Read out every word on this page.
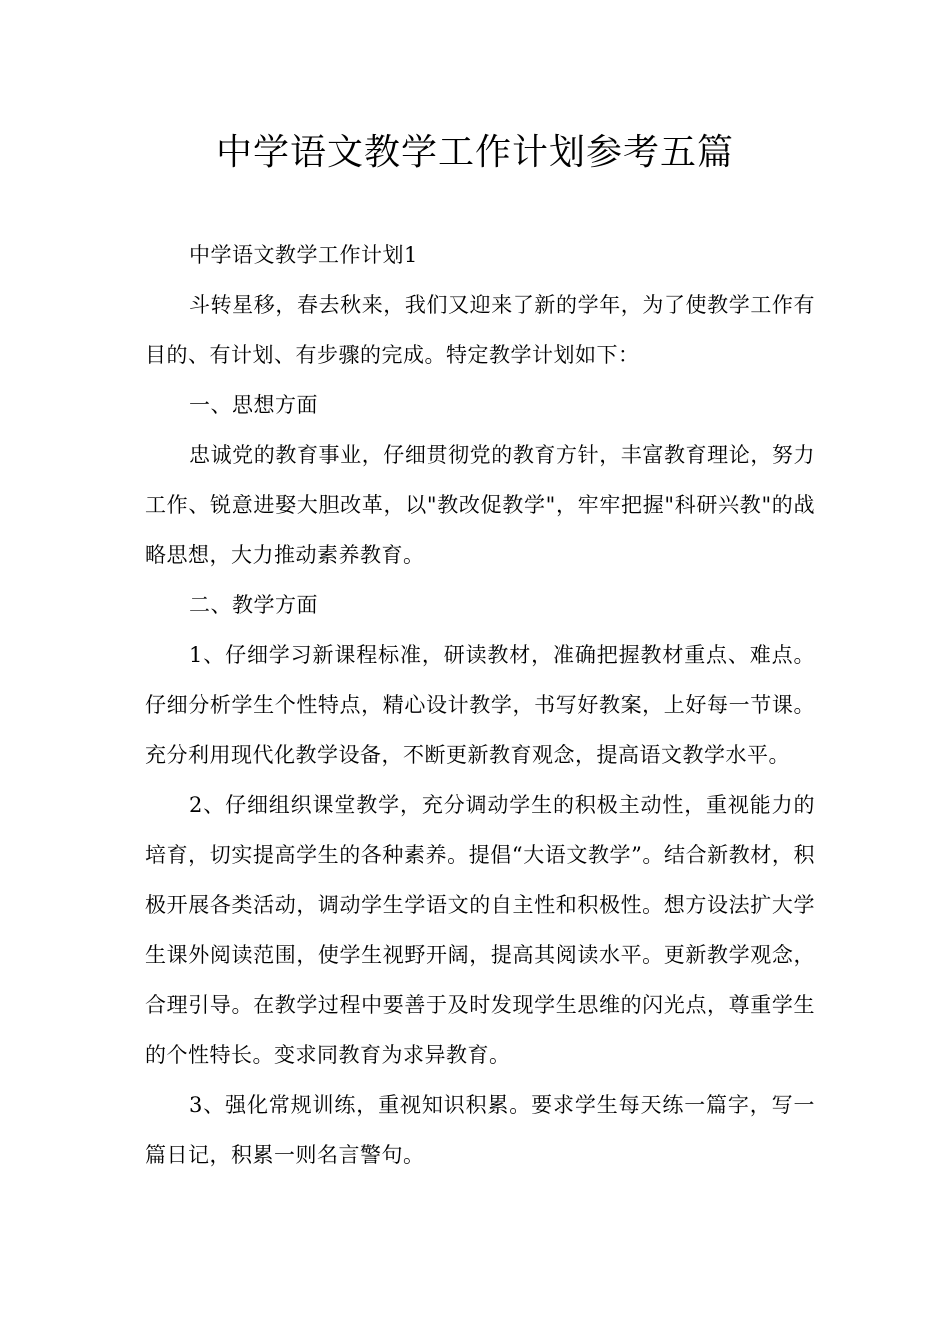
中学语文教学工作计划参考五篇

中学语文教学工作计划1

斗转星移，春去秋来，我们又迎来了新的学年，为了使教学工作有目的、有计划、有步骤的完成。特定教学计划如下：

一、思想方面

忠诚党的教育事业，仔细贯彻党的教育方针，丰富教育理论，努力工作、锐意进娶大胆改革，以"教改促教学"，牢牢把握"科研兴教"的战略思想，大力推动素养教育。

二、教学方面

1、仔细学习新课程标准，研读教材，准确把握教材重点、难点。仔细分析学生个性特点，精心设计教学，书写好教案，上好每一节课。充分利用现代化教学设备，不断更新教育观念，提高语文教学水平。

2、仔细组织课堂教学，充分调动学生的积极主动性，重视能力的培育，切实提高学生的各种素养。提倡“大语文教学”。结合新教材，积极开展各类活动，调动学生学语文的自主性和积极性。想方设法扩大学生课外阅读范围，使学生视野开阔，提高其阅读水平。更新教学观念，合理引导。在教学过程中要善于及时发现学生思维的闪光点，尊重学生的个性特长。变求同教育为求异教育。

3、强化常规训练，重视知识积累。要求学生每天练一篇字，写一篇日记，积累一则名言警句。
